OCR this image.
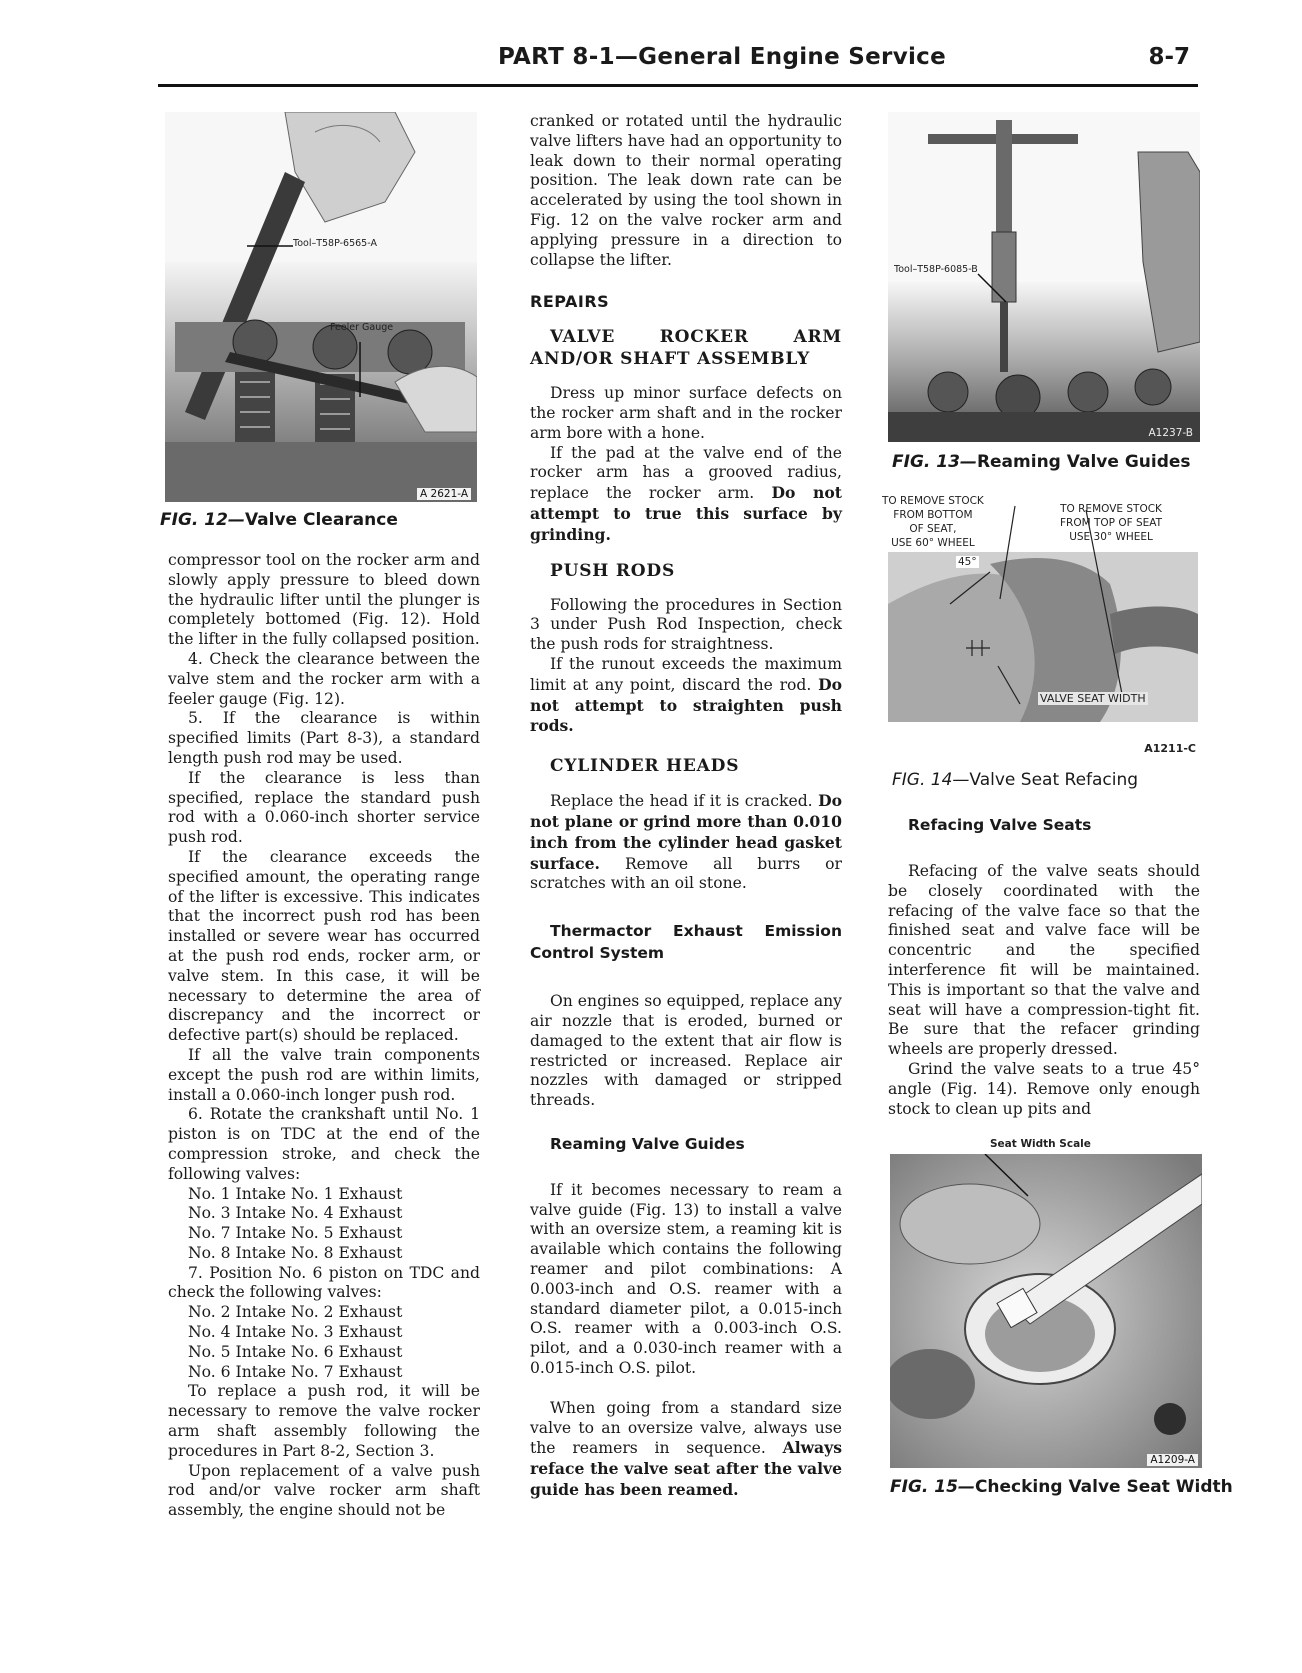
PART 8-1—General Engine Service	8-7
Tool–T58P-6565-A
Feeler Gauge
A 2621-A
FIG. 12—Valve Clearance

compressor tool on the rocker arm and slowly apply pressure to bleed down the hydraulic lifter until the plunger is completely bottomed (Fig. 12). Hold the lifter in the fully collapsed position.

4. Check the clearance between the valve stem and the rocker arm with a feeler gauge (Fig. 12).

5. If the clearance is within specified limits (Part 8-3), a standard length push rod may be used.

If the clearance is less than specified, replace the standard push rod with a 0.060-inch shorter service push rod.

If the clearance exceeds the specified amount, the operating range of the lifter is excessive. This indicates that the incorrect push rod has been installed or severe wear has occurred at the push rod ends, rocker arm, or valve stem. In this case, it will be necessary to determine the area of discrepancy and the incorrect or defective part(s) should be replaced.

If all the valve train components except the push rod are within limits, install a 0.060-inch longer push rod.

6. Rotate the crankshaft until No. 1 piston is on TDC at the end of the compression stroke, and check the following valves:

No. 1 Intake No. 1 Exhaust

No. 3 Intake No. 4 Exhaust

No. 7 Intake No. 5 Exhaust

No. 8 Intake No. 8 Exhaust

7. Position No. 6 piston on TDC and check the following valves:

No. 2 Intake No. 2 Exhaust

No. 4 Intake No. 3 Exhaust

No. 5 Intake No. 6 Exhaust

No. 6 Intake No. 7 Exhaust

To replace a push rod, it will be necessary to remove the valve rocker arm shaft assembly following the procedures in Part 8-2, Section 3.

Upon replacement of a valve push rod and/or valve rocker arm shaft assembly, the engine should not be

cranked or rotated until the hydraulic valve lifters have had an opportunity to leak down to their normal operating position. The leak down rate can be accelerated by using the tool shown in Fig. 12 on the valve rocker arm and applying pressure in a direction to collapse the lifter.

REPAIRS
VALVE ROCKER ARM AND/OR SHAFT ASSEMBLY

Dress up minor surface defects on the rocker arm shaft and in the rocker arm bore with a hone.

If the pad at the valve end of the rocker arm has a grooved radius, replace the rocker arm. Do not attempt to true this surface by grinding.

PUSH RODS

Following the procedures in Section 3 under Push Rod Inspection, check the push rods for straightness.

If the runout exceeds the maximum limit at any point, discard the rod. Do not attempt to straighten push rods.

CYLINDER HEADS

Replace the head if it is cracked. Do not plane or grind more than 0.010 inch from the cylinder head gasket surface. Remove all burrs or scratches with an oil stone.

Thermactor Exhaust Emission Control System

On engines so equipped, replace any air nozzle that is eroded, burned or damaged to the extent that air flow is restricted or increased. Replace air nozzles with damaged or stripped threads.

Reaming Valve Guides

If it becomes necessary to ream a valve guide (Fig. 13) to install a valve with an oversize stem, a reaming kit is available which contains the following reamer and pilot combinations: A 0.003-inch and O.S. reamer with a standard diameter pilot, a 0.015-inch O.S. reamer with a 0.003-inch O.S. pilot, and a 0.030-inch reamer with a 0.015-inch O.S. pilot.

When going from a standard size valve to an oversize valve, always use the reamers in sequence. Always reface the valve seat after the valve guide has been reamed.

Tool–T58P-6085-B
A1237-B
FIG. 13—Reaming Valve Guides
TO REMOVE STOCK
FROM BOTTOM
OF SEAT,
USE 60° WHEEL
TO REMOVE STOCK
FROM TOP OF SEAT
USE 30° WHEEL
45°
VALVE SEAT WIDTH
A1211-C
FIG. 14—Valve Seat Refacing
Refacing Valve Seats

Refacing of the valve seats should be closely coordinated with the refacing of the valve face so that the finished seat and valve face will be concentric and the specified interference fit will be maintained. This is important so that the valve and seat will have a compression-tight fit. Be sure that the refacer grinding wheels are properly dressed.

Grind the valve seats to a true 45° angle (Fig. 14). Remove only enough stock to clean up pits and

Seat Width Scale
A1209-A
FIG. 15—Checking Valve Seat Width
